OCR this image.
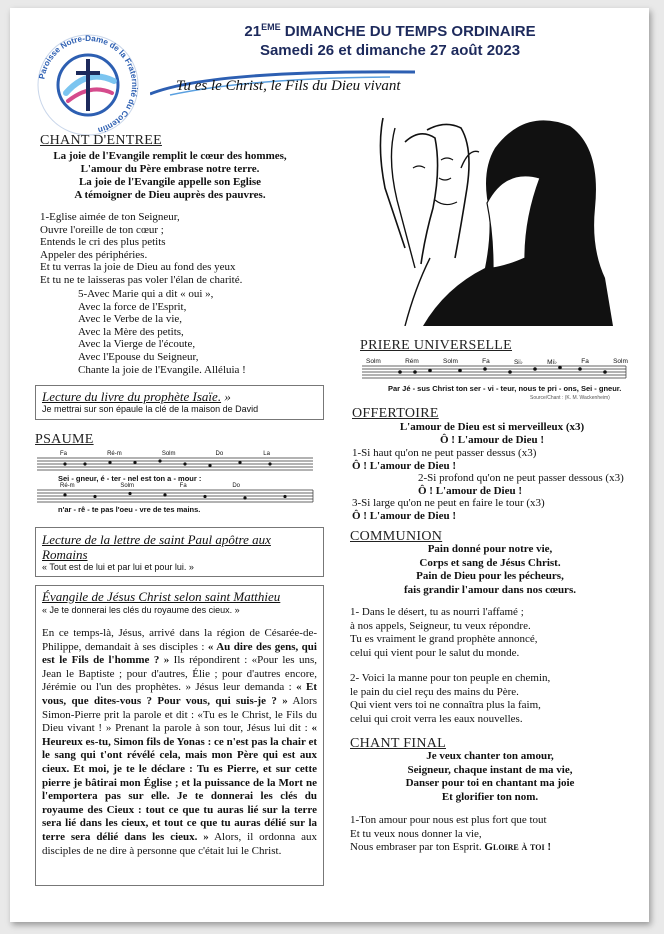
Paroisse Notre-Dame de la Fraternité du Cotentin
21EME DIMANCHE DU TEMPS ORDINAIRE
Samedi 26 et dimanche 27 août 2023
Tu es le Christ, le Fils du Dieu vivant
CHANT D'ENTREE
La joie de l'Evangile remplit le cœur des hommes,
L'amour du Père embrase notre terre.
La joie de l'Evangile appelle son Eglise
A témoigner de Dieu auprès des pauvres.
1-Eglise aimée de ton Seigneur,
Ouvre l'oreille de ton cœur ;
Entends le cri des plus petits
Appeler des périphéries.
Et tu verras la joie de Dieu au fond des yeux
Et tu ne te laisseras pas voler l'élan de charité.
5-Avec Marie qui a dit « oui »,
Avec la force de l'Esprit,
Avec le Verbe de la vie,
Avec la Mère des petits,
Avec la Vierge de l'écoute,
Avec l'Epouse du Seigneur,
Chante la joie de l'Evangile. Alléluia !
PRIERE UNIVERSELLE
Solm	Rém	Solm	Fa	Si♭	Mi♭	Fa	Solm
Par Jé - sus Christ ton ser - vi - teur, nous te pri - ons, Sei - gneur.
Source/Chant : (K. M. Wackenheim)
OFFERTOIRE
L'amour de Dieu est si merveilleux (x3)
Ô ! L'amour de Dieu !
1-Si haut qu'on ne peut passer dessus (x3)
Ô ! L'amour de Dieu !
2-Si profond qu'on ne peut passer dessous (x3)
Ô ! L'amour de Dieu !
3-Si large qu'on ne peut en faire le tour (x3)
Ô ! L'amour de Dieu !
COMMUNION
Pain donné pour notre vie,
Corps et sang de Jésus Christ.
Pain de Dieu pour les pécheurs,
fais grandir l'amour dans nos cœurs.
1- Dans le désert, tu as nourri l'affamé ;
à nos appels, Seigneur, tu veux répondre.
Tu es vraiment le grand prophète annoncé,
celui qui vient pour le salut du monde.
2- Voici la manne pour ton peuple en chemin,
le pain du ciel reçu des mains du Père.
Qui vient vers toi ne connaîtra plus la faim,
celui qui croit verra les eaux nouvelles.
CHANT FINAL
Je veux chanter ton amour,
Seigneur, chaque instant de ma vie,
Danser pour toi en chantant ma joie
Et glorifier ton nom.
1-Ton amour pour nous est plus fort que tout
Et tu veux nous donner la vie,
Nous embraser par ton Esprit. Gloire à toi !
Lecture du livre du prophète Isaïe. »
Je mettrai sur son épaule la clé de la maison de David
PSAUME
Fa	Ré-m	Solm	Do	La
Sei - gneur, é - ter - nel est ton a - mour :
Ré-m	Solm	Fa	Do
n'ar - rê - te pas l'oeu - vre de tes mains.
Lecture de la lettre de saint Paul apôtre aux Romains
« Tout est de lui et par lui et pour lui. »
Évangile de Jésus Christ selon saint Matthieu
« Je te donnerai les clés du royaume des cieux. »
En ce temps-là, Jésus, arrivé dans la région de Césarée-de-Philippe, demandait à ses disciples : « Au dire des gens, qui est le Fils de l'homme ? » Ils répondirent : «Pour les uns, Jean le Baptiste ; pour d'autres, Élie ; pour d'autres encore, Jérémie ou l'un des prophètes. » Jésus leur demanda : « Et vous, que dites-vous ? Pour vous, qui suis-je ? » Alors Simon-Pierre prit la parole et dit : «Tu es le Christ, le Fils du Dieu vivant ! » Prenant la parole à son tour, Jésus lui dit : « Heureux es-tu, Simon fils de Yonas : ce n'est pas la chair et le sang qui t'ont révélé cela, mais mon Père qui est aux cieux. Et moi, je te le déclare : Tu es Pierre, et sur cette pierre je bâtirai mon Église ; et la puissance de la Mort ne l'emportera pas sur elle. Je te donnerai les clés du royaume des Cieux : tout ce que tu auras lié sur la terre sera lié dans les cieux, et tout ce que tu auras délié sur la terre sera délié dans les cieux. » Alors, il ordonna aux disciples de ne dire à personne que c'était lui le Christ.
